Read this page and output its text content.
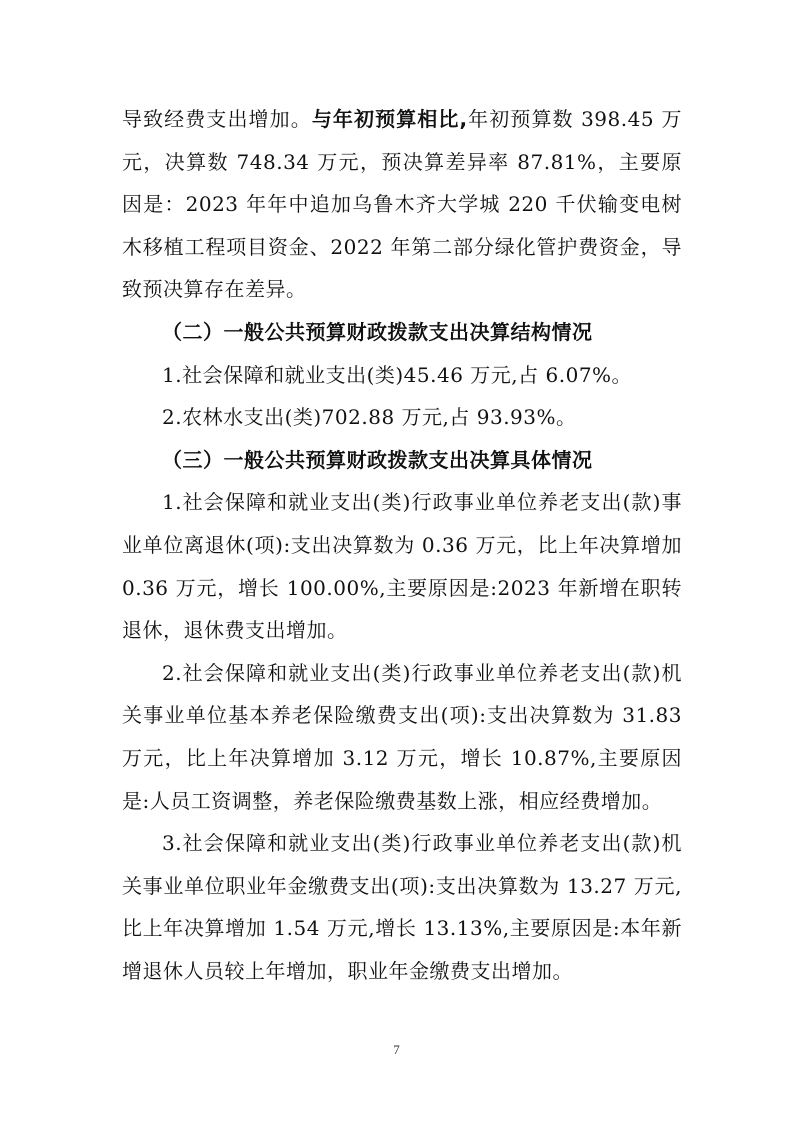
导致经费支出增加。与年初预算相比,年初预算数 398.45 万元，决算数 748.34 万元，预决算差异率 87.81%，主要原因是：2023 年年中追加乌鲁木齐大学城 220 千伏输变电树木移植工程项目资金、2022 年第二部分绿化管护费资金，导致预决算存在差异。

（二）一般公共预算财政拨款支出决算结构情况

1.社会保障和就业支出(类)45.46 万元,占 6.07%。

2.农林水支出(类)702.88 万元,占 93.93%。

（三）一般公共预算财政拨款支出决算具体情况

1.社会保障和就业支出(类)行政事业单位养老支出(款)事业单位离退休(项):支出决算数为 0.36 万元，比上年决算增加 0.36 万元，增长 100.00%,主要原因是:2023 年新增在职转退休，退休费支出增加。

2.社会保障和就业支出(类)行政事业单位养老支出(款)机关事业单位基本养老保险缴费支出(项):支出决算数为 31.83 万元，比上年决算增加 3.12 万元，增长 10.87%,主要原因是:人员工资调整，养老保险缴费基数上涨，相应经费增加。

3.社会保障和就业支出(类)行政事业单位养老支出(款)机关事业单位职业年金缴费支出(项):支出决算数为 13.27 万元,比上年决算增加 1.54 万元,增长 13.13%,主要原因是:本年新增退休人员较上年增加，职业年金缴费支出增加。

7
